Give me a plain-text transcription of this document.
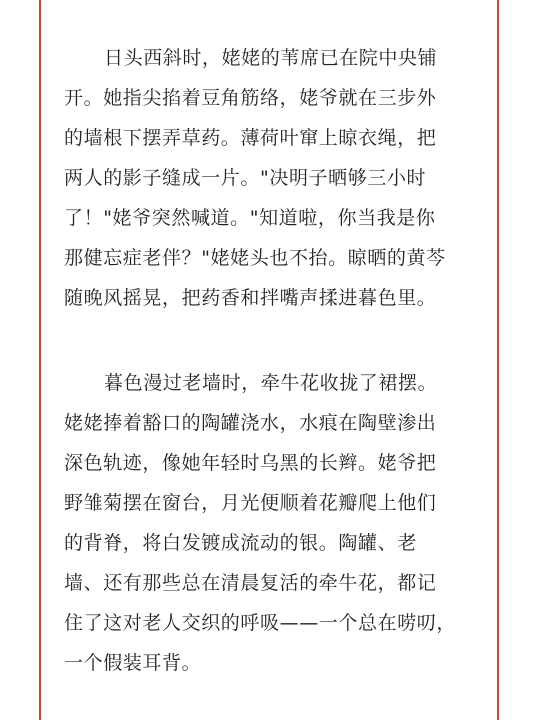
日头西斜时，姥姥的苇席已在院中央铺
开。她指尖掐着豆角筋络，姥爷就在三步外
的墙根下摆弄草药。薄荷叶窜上晾衣绳，把
两人的影子缝成一片。"决明子晒够三小时
了！"姥爷突然喊道。"知道啦，你当我是你
那健忘症老伴？"姥姥头也不抬。晾晒的黄芩
随晚风摇晃，把药香和拌嘴声揉进暮色里。
暮色漫过老墙时，牵牛花收拢了裙摆。
姥姥捧着豁口的陶罐浇水，水痕在陶壁渗出
深色轨迹，像她年轻时乌黑的长辫。姥爷把
野雏菊摆在窗台，月光便顺着花瓣爬上他们
的背脊，将白发镀成流动的银。陶罐、老
墙、还有那些总在清晨复活的牵牛花，都记
住了这对老人交织的呼吸——一个总在唠叨，
一个假装耳背。
